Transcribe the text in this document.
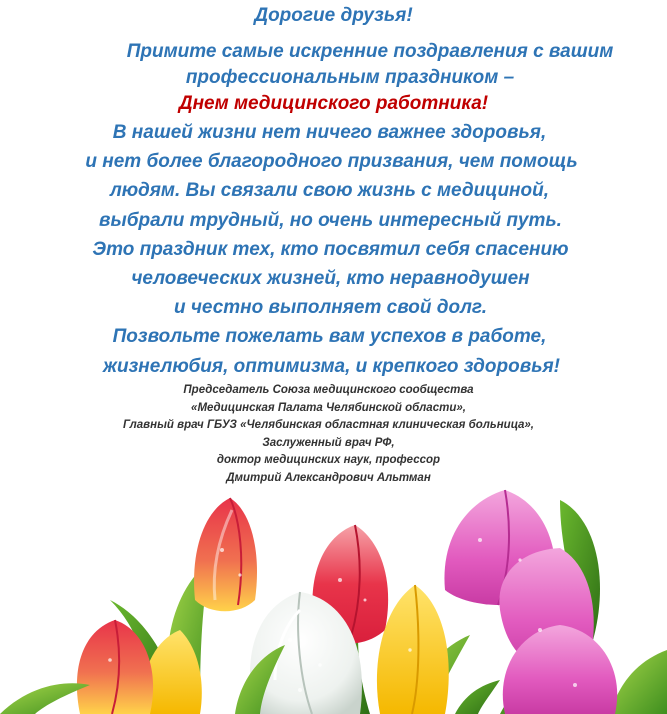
Дорогие друзья!
Примите самые искренние поздравления с вашим
профессиональным праздником –
Днем медицинского работника!
В нашей жизни нет ничего важнее здоровья,
и нет более благородного призвания, чем помощь
людям. Вы связали свою жизнь с медициной,
выбрали трудный, но очень интересный путь.
Это праздник тех, кто посвятил себя спасению
человеческих жизней, кто неравнодушен
и честно выполняет свой долг.
Позвольте пожелать вам успехов в работе,
жизнелюбия, оптимизма, и крепкого здоровья!
Председатель Союза медицинского сообщества
«Медицинская Палата Челябинской области»,
Главный врач ГБУЗ «Челябинская областная клиническая больница»,
Заслуженный врач РФ,
доктор медицинских наук, профессор
Дмитрий Александрович Альтман
